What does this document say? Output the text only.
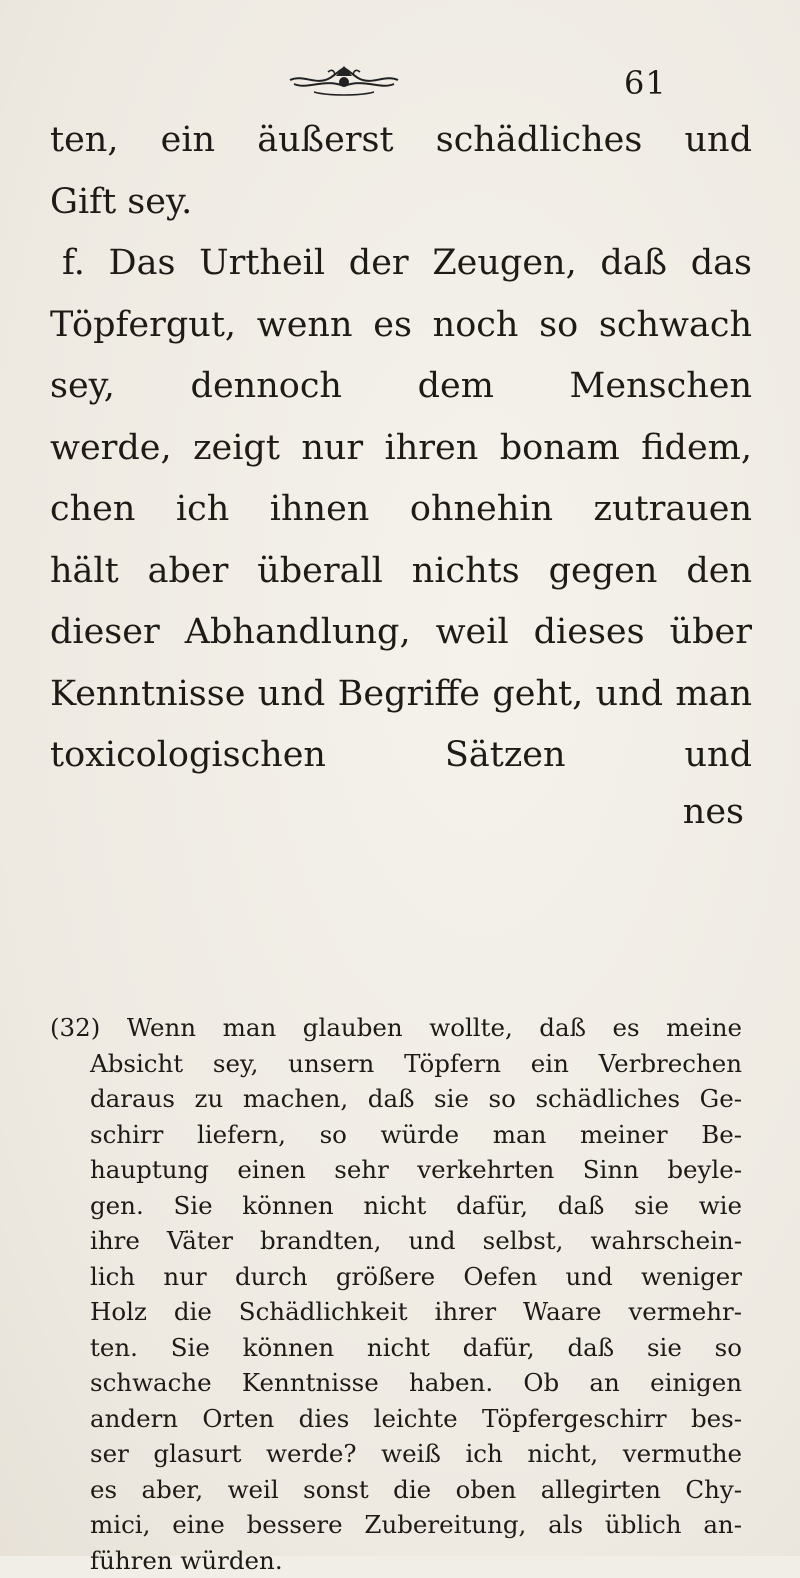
61
ten, ein äußerst schädliches und
Gift sey.
f. Das Urtheil der Zeugen, daß das
Töpfergut, wenn es noch so schwach
sey, dennoch dem Menschen
werde, zeigt nur ihren bonam fidem,
chen ich ihnen ohnehin zutrauen
hält aber überall nichts gegen den
dieser Abhandlung, weil dieses über
Kenntnisse und Begriffe geht, und man
toxicologischen Sätzen und
nes
(32) Wenn man glauben wollte, daß es meine
Absicht sey, unsern Töpfern ein Verbrechen
daraus zu machen, daß sie so schädliches Ge-
schirr liefern, so würde man meiner Be-
hauptung einen sehr verkehrten Sinn beyle-
gen. Sie können nicht dafür, daß sie wie
ihre Väter brandten, und selbst, wahrschein-
lich nur durch größere Oefen und weniger
Holz die Schädlichkeit ihrer Waare vermehr-
ten. Sie können nicht dafür, daß sie so
schwache Kenntnisse haben. Ob an einigen
andern Orten dies leichte Töpfergeschirr bes-
ser glasurt werde? weiß ich nicht, vermuthe
es aber, weil sonst die oben allegirten Chy-
mici, eine bessere Zubereitung, als üblich an-
führen würden.
